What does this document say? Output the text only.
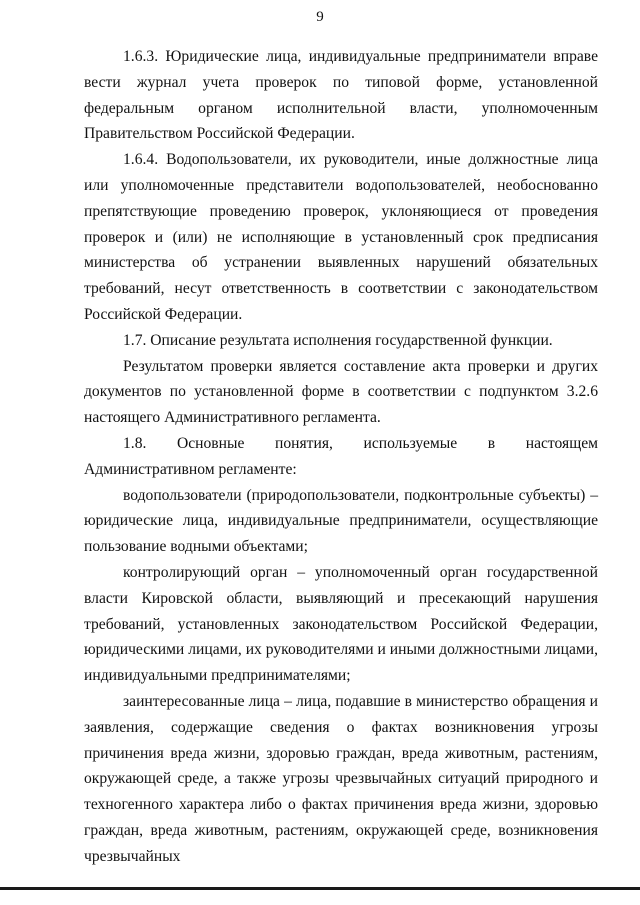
9

1.6.3. Юридические лица, индивидуальные предприниматели вправе вести журнал учета проверок по типовой форме, установленной федеральным органом исполнительной власти, уполномоченным Правительством Российской Федерации.

1.6.4. Водопользователи, их руководители, иные должностные лица или уполномоченные представители водопользователей, необоснованно препятствующие проведению проверок, уклоняющиеся от проведения проверок и (или) не исполняющие в установленный срок предписания министерства об устранении выявленных нарушений обязательных требований, несут ответственность в соответствии с законодательством Российской Федерации.

1.7. Описание результата исполнения государственной функции.

Результатом проверки является составление акта проверки и других документов по установленной форме в соответствии с подпунктом 3.2.6 настоящего Административного регламента.

1.8. Основные понятия, используемые в настоящем Административном регламенте:

водопользователи (природопользователи, подконтрольные субъекты) – юридические лица, индивидуальные предприниматели, осуществляющие пользование водными объектами;

контролирующий орган – уполномоченный орган государственной власти Кировской области, выявляющий и пресекающий нарушения требований, установленных законодательством Российской Федерации, юридическими лицами, их руководителями и иными должностными лицами, индивидуальными предпринимателями;

заинтересованные лица – лица, подавшие в министерство обращения и заявления, содержащие сведения о фактах возникновения угрозы причинения вреда жизни, здоровью граждан, вреда животным, растениям, окружающей среде, а также угрозы чрезвычайных ситуаций природного и техногенного характера либо о фактах причинения вреда жизни, здоровью граждан, вреда животным, растениям, окружающей среде, возникновения чрезвычайных
